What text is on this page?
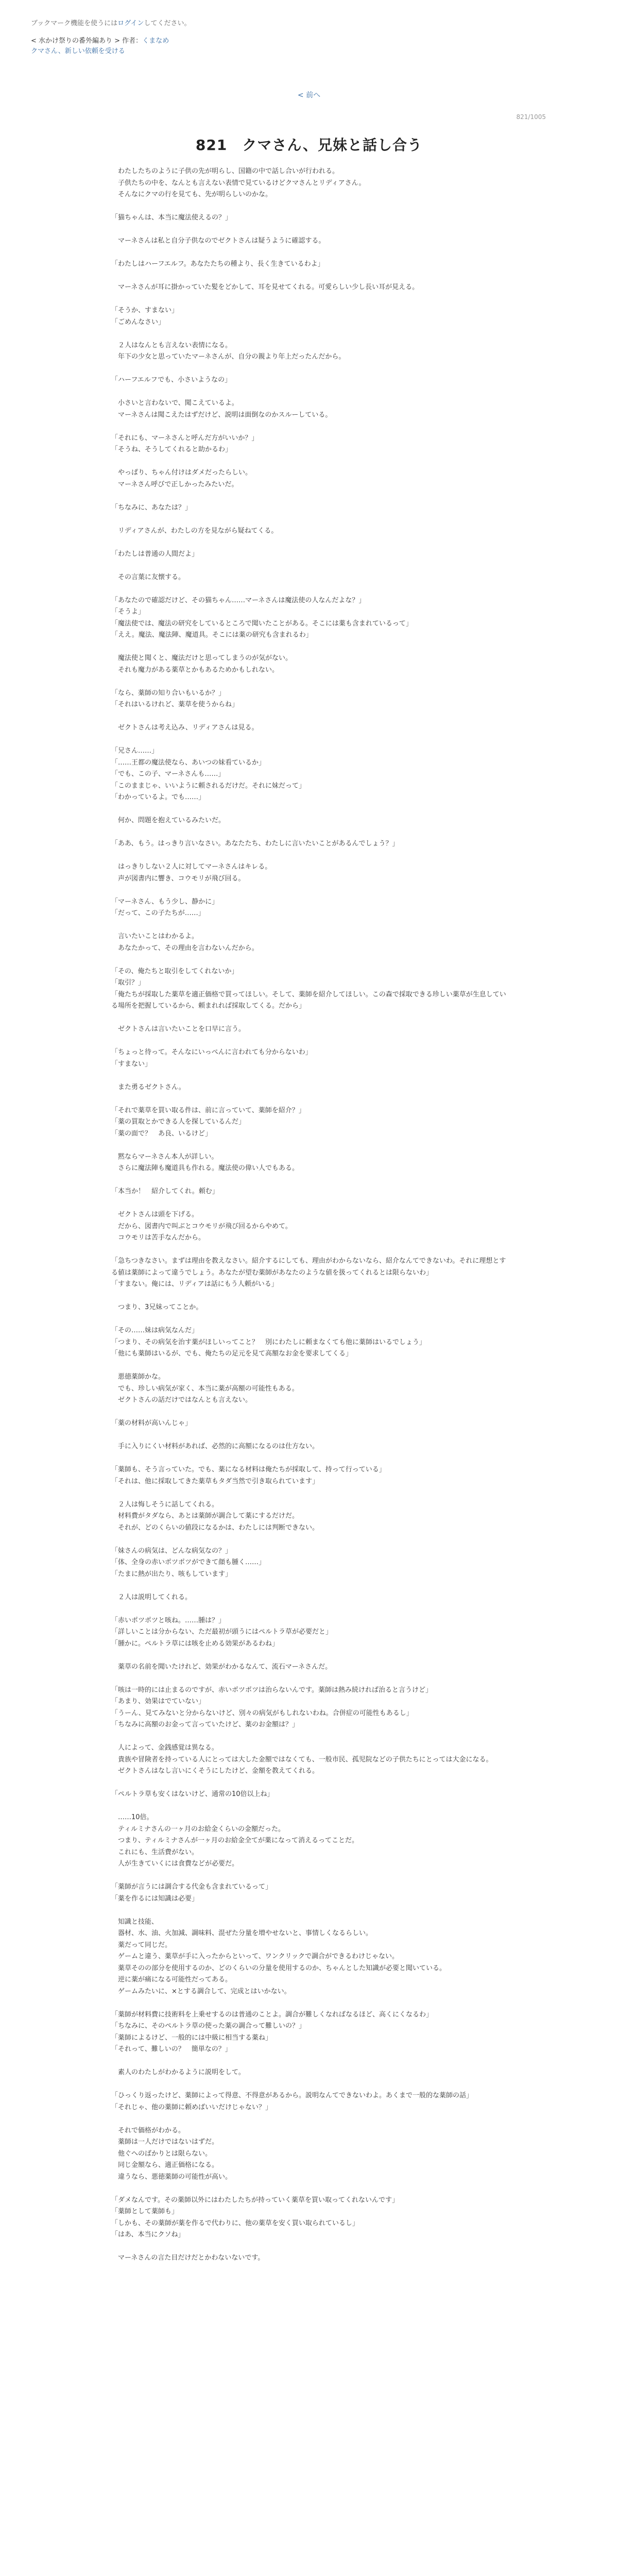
ブックマーク機能を使うにはログインしてください。
< 水かけ祭りの番外編あり > 作者：くまなめ
クマさん、新しい依頼を受ける
< 前へ
821/1005
821　クマさん、兄妹と話し合う

　わたしたちのように子供の先が明らし、国籍の中で話し合いが行われる。
　子供たちの中を、なんとも言えない表情で見ているけどクマさんとリディアさん。
　そんなにクマの行を見ても、先が明らしいのかな。

「猫ちゃんは、本当に魔法使えるの？」

　マーネさんは私と自分子供なのでゼクトさんは疑うように確認する。

「わたしはハーフエルフ。あなたたちの種より、長く生きているわよ」

　マーネさんが耳に掛かっていた髪をどかして、耳を見せてくれる。可愛らしい少し長い耳が見える。

「そうか、すまない」
「ごめんなさい」

　２人はなんとも言えない表情になる。
　年下の少女と思っていたマーネさんが、自分の親より年上だったんだから。

「ハーフエルフでも、小さいようなの」

　小さいと言わないで、聞こえているよ。
　マーネさんは聞こえたはずだけど、説明は面倒なのかスルーしている。

「それにも、マーネさんと呼んだ方がいいか？」
「そうね、そうしてくれると助かるわ」

　やっぱり、ちゃん付けはダメだったらしい。
　マーネさん呼びで正しかったみたいだ。

「ちなみに、あなたは？」

　リディアさんが、わたしの方を見ながら疑ねてくる。

「わたしは普通の人間だよ」

　その言葉に友懐する。

「あなたので確認だけど、その猫ちゃん……マーネさんは魔法使の人なんだよな？」
「そうよ」
「魔法使では、魔法の研究をしているところで聞いたことがある。そこには薬も含まれているって」
「ええ。魔法、魔法陣、魔道具。そこには薬の研究も含まれるわ」

　魔法使と聞くと、魔法だけと思ってしまうのが気がない。
　それも魔力がある薬草とかもあるためかもしれない。

「なら、薬師の知り合いもいるか？」
「それはいるけれど、薬草を使うからね」

　ゼクトさんは考え込み、リディアさんは見る。

「兄さん……」
「……王都の魔法使なら、あいつの妹看ているか」
「でも、この子、マーネさんも……」
「このままじゃ、いいように頼されるだけだ。それに妹だって」
「わかっているよ。でも……」

　何か、問題を抱えているみたいだ。

「ああ、もう。はっきり言いなさい。あなたたち、わたしに言いたいことがあるんでしょう？」

　はっきりしない２人に対してマーネさんはキレる。
　声が図書内に響き、コウモリが飛び回る。

「マーネさん、もう少し、静かに」
「だって、この子たちが……」

　言いたいことはわかるよ。
　あなたかって、その理由を言わないんだから。

「その、俺たちと取引をしてくれないか」
「取引？」
「俺たちが採取した薬草を適正価格で買ってほしい。そして、薬師を紹介してほしい。この森で採取できる珍しい薬草が生息している場所を把握しているから、頼まれれば採取してくる。だから」

　ゼクトさんは言いたいことを口早に言う。

「ちょっと待って。そんなにいっぺんに言われても分からないわ」
「すまない」

　また勇るゼクトさん。

「それで薬草を買い取る件は、前に言っていて、薬師を紹介？」
「薬の買取とかできる人を探しているんだ」
「薬の面で？　あ良、いるけど」

　黙ならマーネさん本人が詳しい。
　さらに魔法陣も魔道具も作れる。魔法使の偉い人でもある。

「本当か！　紹介してくれ。頼む」

　ゼクトさんは頭を下げる。
　だから、図書内で叫ぶとコウモリが飛び回るからやめて。
　コウモリは苦手なんだから。

「急ちつきなさい。まずは理由を教えなさい。紹介するにしても、理由がわからないなら、紹介なんてできないわ。それに理想とする値は薬師によって違うでしょう。あなたが望む薬師があなたのような値を扱ってくれるとは限らないわ」
「すまない。俺には、リディアは話にもう人頼がいる」

　つまり、3兄妹ってことか。

「その……妹は病気なんだ」
「つまり、その病気を治す薬がほしいってこと？　別にわたしに頼まなくても他に薬師はいるでしょう」
「他にも薬師はいるが、でも、俺たちの足元を見て高額なお金を要求してくる」

　悪徳薬師かな。
　でも、珍しい病気が家く、本当に薬が高額の可能性もある。
　ゼクトさんの話だけではなんとも言えない。

「薬の材料が高いんじゃ」

　手に入りにくい材料があれば、必然的に高額になるのは仕方ない。

「薬師も、そう言っていた。でも、薬になる材料は俺たちが採取して、持って行っている」
「それは、他に採取してきた薬草もタダ当然で引き取られています」

　２人は悔しそうに話してくれる。
　材料費がタダなら、あとは薬師が調合して薬にするだけだ。
　それが、どのくらいの値段になるかは、わたしには判断できない。

「妹さんの病気は、どんな病気なの？」
「体、全身の赤いポツポツができて顔も腫く……」
「たまに熱が出たり、咳もしています」

　２人は説明してくれる。

「赤いポツポツと咳ね。……腫は？」
「詳しいことは分からない、ただ最初が頭うにはペルトラ草が必要だと」
「腫かに。ペルトラ草には咳を止める効果があるわね」

　薬草の名前を聞いたけれど、効果がわかるなんて、流石マーネさんだ。

「咳は一時的には止まるのですが、赤いポツポツは治らないんです。薬師は熱み続ければ治ると言うけど」
「あまり、効果はでていない」
「うーん、見てみないと分からないけど、別々の病気がもしれないわね。合併症の可能性もあるし」
「ちなみに高額のお金って言っていたけど、薬のお金額は？」

　人によって、金銭感覚は異なる。
　貴族や冒険者を持っている人にとっては大した金額ではなくても、一般市民、孤児院などの子供たちにとっては大金になる。
　ゼクトさんはなし言いにくそうにしたけど、金額を教えてくれる。

「ペルトラ草も安くはないけど、通常の10倍以上ね」

　……10倍。
　ティルミナさんの一ヶ月のお給金くらいの金額だった。
　つまり、ティルミナさんが一ヶ月のお給金全てが薬になって消えるってことだ。
　これにも、生活費がない。
　人が生きていくには食費などが必要だ。

「薬師が言うには調合する代金も含まれているって」
「薬を作るには知識は必要」

　知識と技能、
　器材、水、油、火加減、調味料、混ぜた分量を増やせないと、事情しくなるらしい。
　薬だって同じだ。
　ゲームと違う、薬草が手に入ったからといって、ワンクリックで調合ができるわけじゃない。
　薬草そのの部分を使用するのか、どのくらいの分量を使用するのか、ちゃんとした知識が必要と聞いている。
　逆に薬が痛になる可能性だってある。
　ゲームみたいに、×とする調合して、完成とはいかない。

「薬師が材料費に技術料を上乗せするのは普通のことよ。調合が難しくなればなるほど、高くにくなるわ」
「ちなみに、そのペルトラ草の使った薬の調合って難しいの？」
「薬師によるけど、一般的には中級に相当する薬ね」
「それって、難しいの？　簡単なの？」

　素人のわたしがわかるように説明をして。

「ひっくり返ったけど、薬師によって得意、不得意があるから。説明なんてできないわよ。あくまで一般的な薬師の話」
「それじゃ、他の薬師に頼めばいいだけじゃない？」

　それで価格がわかる。
　薬師は一人だけではないはずだ。
　他ぐへのばかりとは限らない。
　同じ金額なら、適正価格になる。
　違うなら、悪徳薬師の可能性が高い。

「ダメなんです。その薬師以外にはわたしたちが持っていく薬草を買い取ってくれないんです」
「薬師として薬師も」
「しかも、その薬師が薬を作るで代わりに、他の薬草を安く買い取られているし」
「はあ、本当にクソね」

　マーネさんの言た目だけだとかわないないです。
